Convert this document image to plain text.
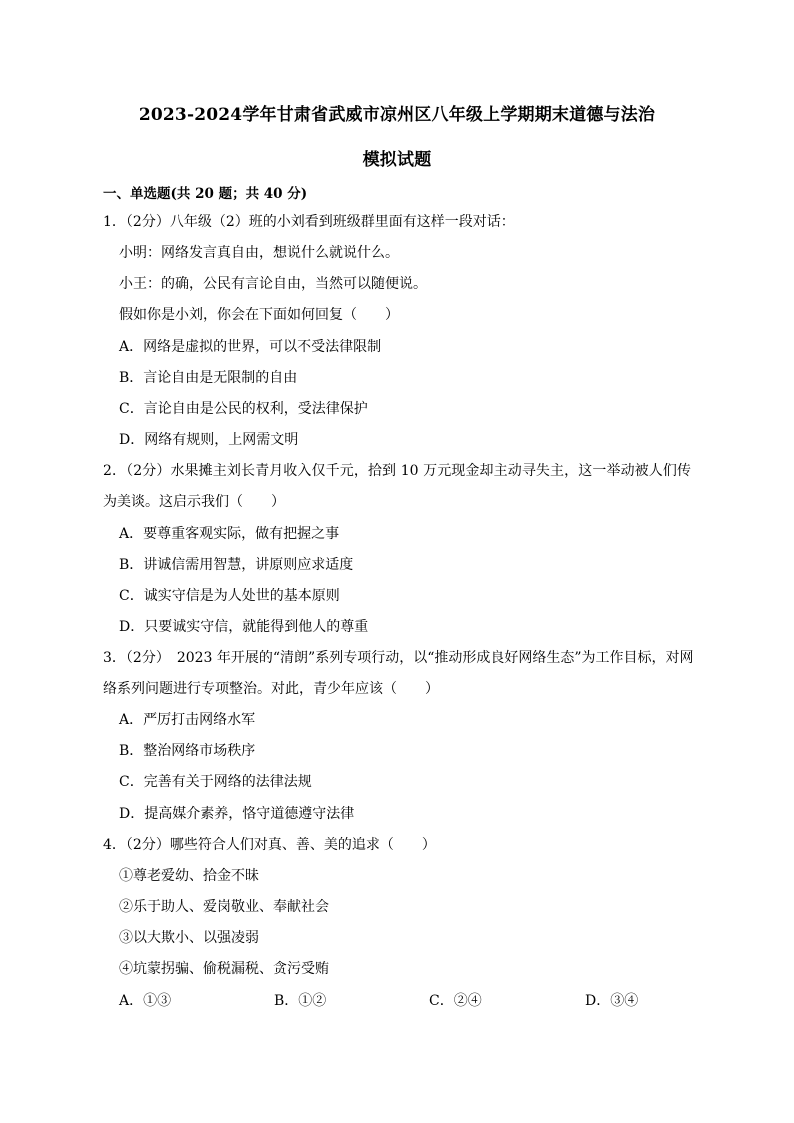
2023-2024学年甘肃省武威市凉州区八年级上学期期末道德与法治
模拟试题
一、单选题(共 20 题；共 40 分)
1．（2分）八年级（2）班的小刘看到班级群里面有这样一段对话：
小明：网络发言真自由，想说什么就说什么。
小王：的确，公民有言论自由，当然可以随便说。
假如你是小刘，你会在下面如何回复（　　）
A．网络是虚拟的世界，可以不受法律限制
B．言论自由是无限制的自由
C．言论自由是公民的权利，受法律保护
D．网络有规则，上网需文明
2．（2分）水果摊主刘长青月收入仅千元，拾到 10 万元现金却主动寻失主，这一举动被人们传
为美谈。这启示我们（　　）
A．要尊重客观实际，做有把握之事
B．讲诚信需用智慧，讲原则应求适度
C．诚实守信是为人处世的基本原则
D．只要诚实守信，就能得到他人的尊重
3．（2分）　2023 年开展的“清朗”系列专项行动，以“推动形成良好网络生态”为工作目标，对网
络系列问题进行专项整治。对此，青少年应该（　　）
A．严厉打击网络水军
B．整治网络市场秩序
C．完善有关于网络的法律法规
D．提高媒介素养，恪守道德遵守法律
4．（2分）哪些符合人们对真、善、美的追求（　　）
①尊老爱幼、拾金不昧
②乐于助人、爱岗敬业、奉献社会
③以大欺小、以强凌弱
④坑蒙拐骗、偷税漏税、贪污受贿
A．①③	B．①②	C．②④	D．③④
